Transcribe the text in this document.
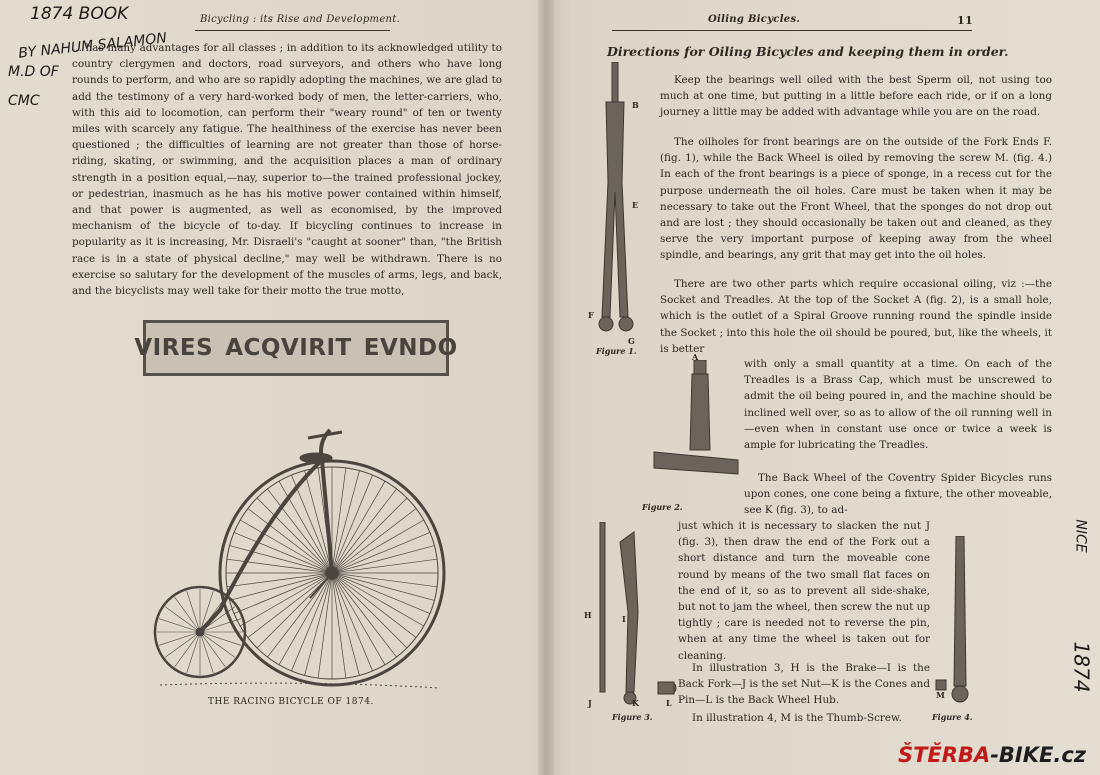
1874 BOOK
BY NAHUM SALAMON
M.D OF
CMC
Bicycling : its Rise and Development.

... has many advantages for all classes ; in addition to its acknowledged utility to country clergymen and doctors, road surveyors, and others who have long rounds to perform, and who are so rapidly adopting the machines, we are glad to add the testimony of a very hard-worked body of men, the letter-carriers, who, with this aid to locomotion, can perform their "weary round" of ten or twenty miles with scarcely any fatigue. The healthiness of the exercise has never been questioned ; the difficulties of learning are not greater than those of horse-riding, skating, or swimming, and the acquisition places a man of ordinary strength in a position equal,—nay, superior to—the trained professional jockey, or pedestrian, inasmuch as he has his motive power contained within himself, and that power is augmented, as well as economised, by the improved mechanism of the bicycle of to-day. If bicycling continues to increase in popularity as it is increasing, Mr. Disraeli's "caught at sooner" than, "the British race is in a state of physical decline," may well be withdrawn. There is no exercise so salutary for the development of the muscles of arms, legs, and back, and the bicyclists may well take for their motto the true motto,

VIRES ACQVIRIT EVNDO
THE RACING BICYCLE OF 1874.
Oiling Bicycles.	11
Directions for Oiling Bicycles and keeping them in order.
Figure 1.
B
E
F
G

Keep the bearings well oiled with the best Sperm oil, not using too much at one time, but putting in a little before each ride, or if on a long journey a little may be added with advantage while you are on the road.

The oilholes for front bearings are on the outside of the Fork Ends F. (fig. 1), while the Back Wheel is oiled by removing the screw M. (fig. 4.) In each of the front bearings is a piece of sponge, in a recess cut for the purpose underneath the oil holes. Care must be taken when it may be necessary to take out the Front Wheel, that the sponges do not drop out and are lost ; they should occasionally be taken out and cleaned, as they serve the very important purpose of keeping away from the wheel spindle, and bearings, any grit that may get into the oil holes.

There are two other parts which require occasional oiling, viz :—the Socket and Treadles. At the top of the Socket A (fig. 2), is a small hole, which is the outlet of a Spiral Groove running round the spindle inside the Socket ; into this hole the oil should be poured, but, like the wheels, it is better

Figure 2.

with only a small quantity at a time. On each of the Treadles is a Brass Cap, which must be unscrewed to admit the oil being poured in, and the machine should be inclined well over, so as to allow of the oil running well in—even when in constant use once or twice a week is ample for lubricating the Treadles.

The Back Wheel of the Coventry Spider Bicycles runs upon cones, one cone being a fixture, the other moveable, see K (fig. 3), to ad-

Figure 3.
H	I
J	K	L

just which it is necessary to slacken the nut J (fig. 3), then draw the end of the Fork out a short distance and turn the moveable cone round by means of the two small flat faces on the end of it, so as to prevent all side-shake, but not to jam the wheel, then screw the nut up tightly ; care is needed not to reverse the pin, when at any time the wheel is taken out for cleaning.

In illustration 3, H is the Brake—I is the Back Fork—J is the set Nut—K is the Cones and Pin—L is the Back Wheel Hub.

In illustration 4, M is the Thumb-Screw.	Figure 4.
M
NICE
1874
A
ŠTĚRBA-BIKE.cz
